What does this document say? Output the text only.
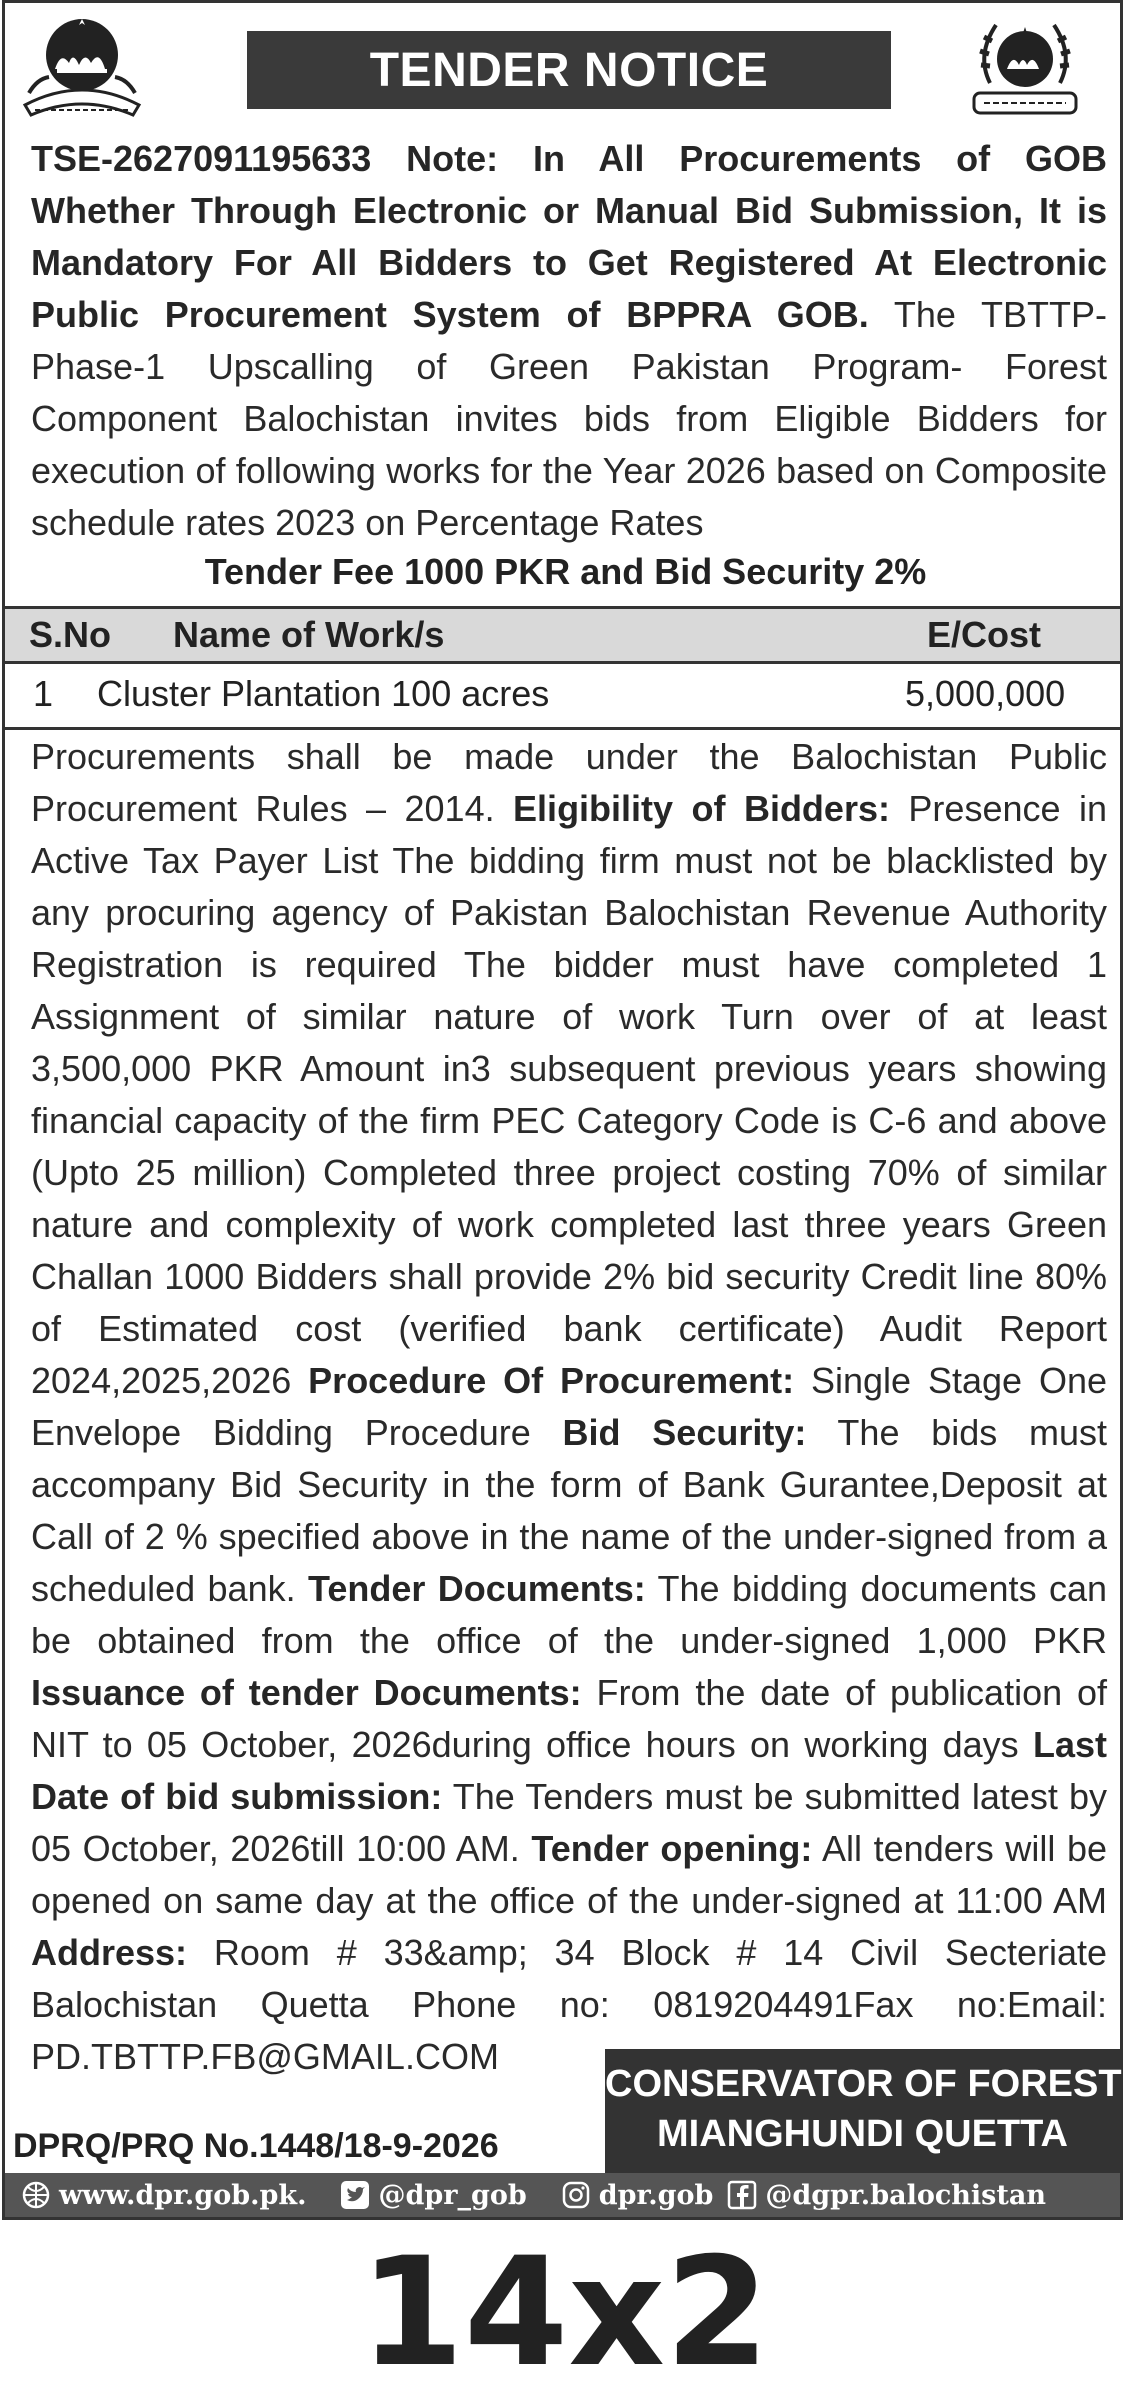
TENDER NOTICE

TSE-2627091195633 Note: In All Procurements of GOB Whether Through Electronic or Manual Bid Submission, It is Mandatory For All Bidders to Get Registered At Electronic Public Procurement System of BPPRA GOB. The TBTTP-Phase-1 Upscalling of Green Pakistan Program- Forest Component Balochistan invites bids from Eligible Bidders for execution of following works for the Year 2026 based on Composite schedule rates 2023 on Percentage Rates

Tender Fee 1000 PKR and Bid Security 2%
S.No Name of Work/s	E/Cost
1 Cluster Plantation 100 acres	5,000,000

Procurements shall be made under the Balochistan Public Procurement Rules – 2014. Eligibility of Bidders: Presence in Active Tax Payer List The bidding firm must not be blacklisted by any procuring agency of Pakistan Balochistan Revenue Authority Registration is required The bidder must have completed 1 Assignment of similar nature of work Turn over of at least 3,500,000 PKR Amount in3 subsequent previous years showing financial capacity of the firm PEC Category Code is C-6 and above (Upto 25 million) Completed three project costing 70% of similar nature and complexity of work completed last three years Green Challan 1000 Bidders shall provide 2% bid security Credit line 80% of Estimated cost (verified bank certificate) Audit Report 2024,2025,2026 Procedure Of Procurement: Single Stage One Envelope Bidding Procedure Bid Security: The bids must accompany Bid Security in the form of Bank Gurantee,Deposit at Call of 2 % specified above in the name of the under-signed from a scheduled bank. Tender Documents: The bidding documents can be obtained from the office of the under-signed 1,000 PKR Issuance of tender Documents: From the date of publication of NIT to 05 October, 2026during office hours on working days Last Date of bid submission: The Tenders must be submitted latest by 05 October, 2026till 10:00 AM. Tender opening: All tenders will be opened on same day at the office of the under-signed at 11:00 AM Address: Room # 33&amp; 34 Block # 14 Civil Secteriate Balochistan Quetta Phone no: 0819204491Fax no:Email: PD.TBTTP.FB@GMAIL.COM

DPRQ/PRQ No.1448/18-9-2026
CONSERVATOR OF FOREST
MIANGHUNDI QUETTA
www.dpr.gob.pk.	@dpr_gob	dpr.gob @dgpr.balochistan
14x2
